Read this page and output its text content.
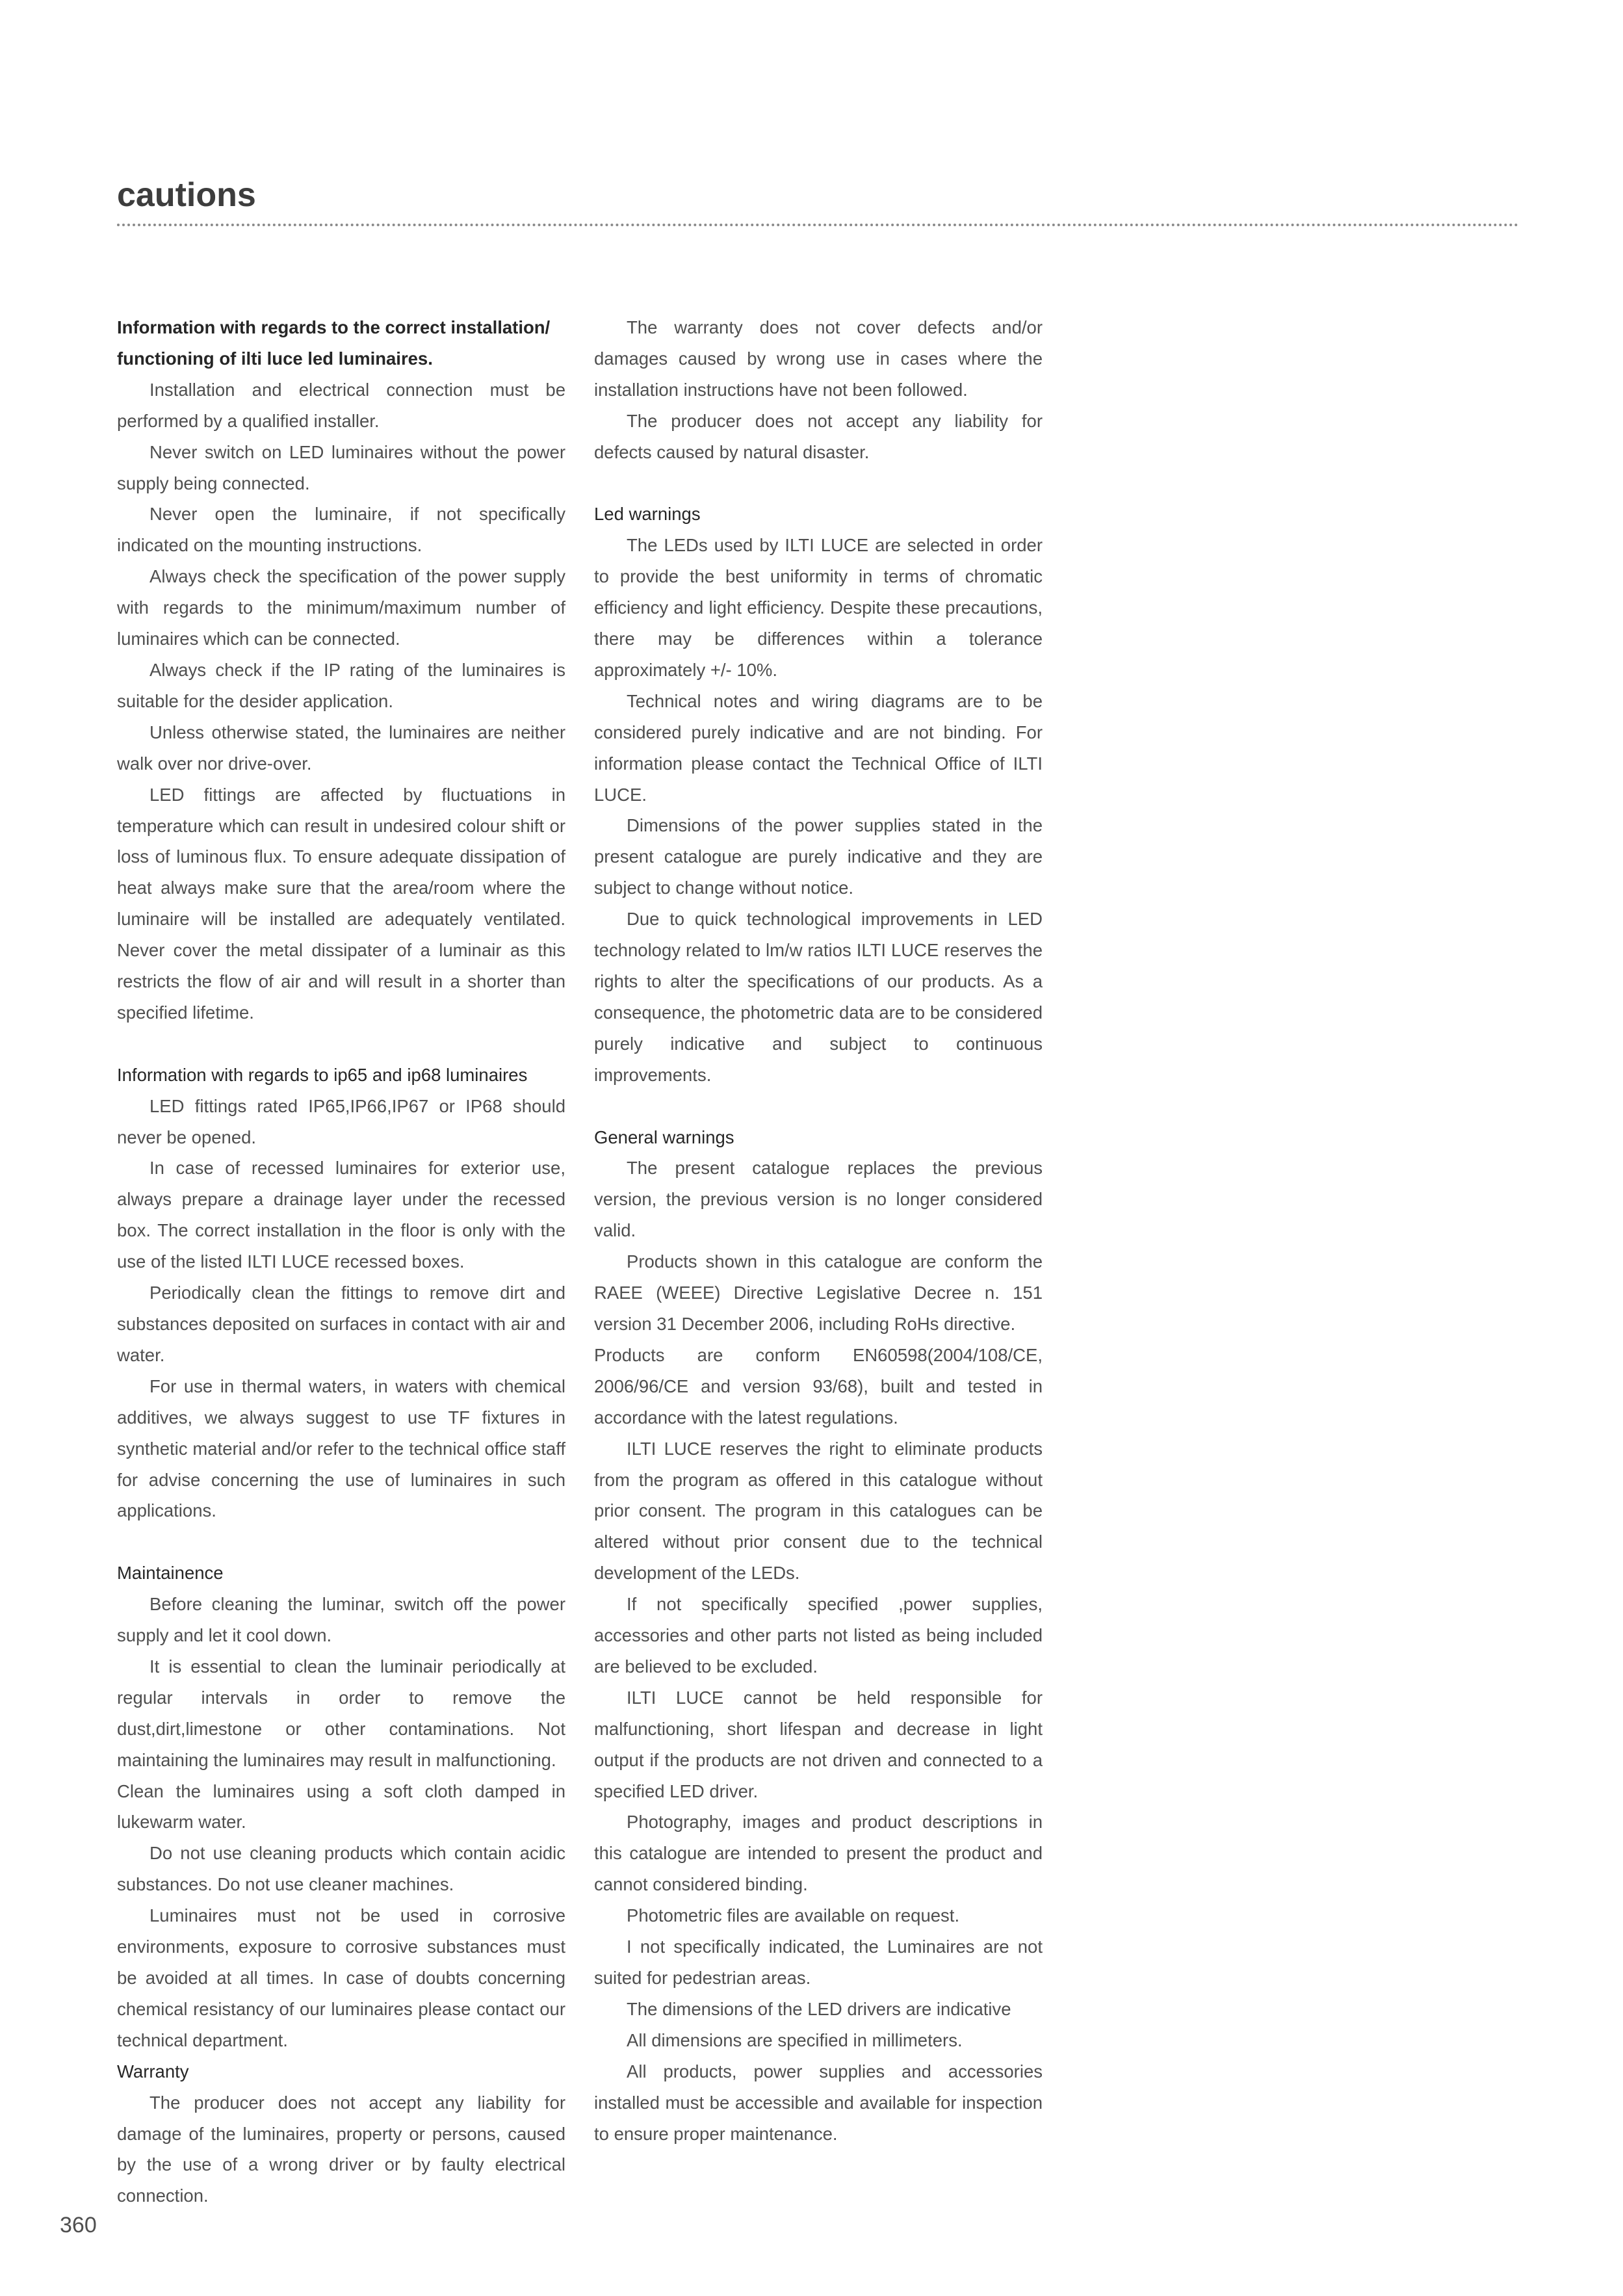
cautions
Information with regards to the correct installation/ functioning of ilti luce led luminaires.

Installation and electrical connection must be performed by a qualified installer.

Never switch on LED luminaires without the power supply being connected.

Never open the luminaire, if not specifically indicated on the mounting instructions.

Always check the specification of the power supply with regards to the minimum/maximum number of luminaires which can be connected.

Always check if the IP rating of the luminaires is suitable for the desider application.

Unless otherwise stated, the luminaires are neither walk over nor drive-over.

LED fittings are affected by fluctuations in temperature which can result in undesired colour shift or loss of luminous flux. To ensure adequate dissipation of heat always make sure that the area/room where the luminaire will be installed are adequately ventilated. Never cover the metal dissipater of a luminair as this restricts the flow of air and will result in a shorter than specified lifetime.

Information with regards to ip65 and ip68 luminaires

LED fittings rated IP65,IP66,IP67 or IP68 should never be opened.

In case of recessed luminaires for exterior use, always prepare a drainage layer under the recessed box. The correct installation in the floor is only with the use of the listed ILTI LUCE recessed boxes.

Periodically clean the fittings to remove dirt and substances deposited on surfaces in contact with air and water.

For use in thermal waters, in waters with chemical additives, we always suggest to use TF fixtures in synthetic material and/or refer to the technical office staff for advise concerning the use of luminaires in such applications.

Maintainence

Before cleaning the luminar, switch off the power supply and let it cool down.

It is essential to clean the luminair periodically at regular intervals in order to remove the dust,dirt,limestone or other contaminations. Not maintaining the luminaires may result in malfunctioning.

Clean the luminaires using a soft cloth damped in lukewarm water.

Do not use cleaning products which contain acidic substances. Do not use cleaner machines.

Luminaires must not be used in corrosive environments, exposure to corrosive substances must be avoided at all times. In case of doubts concerning chemical resistancy of our luminaires please contact our technical department.

Warranty

The producer does not accept any liability for damage of the luminaires, property or persons, caused by the use of a wrong driver or by faulty electrical connection.

The warranty does not cover defects and/or damages caused by wrong use in cases where the installation instructions have not been followed.

The producer does not accept any liability for defects caused by natural disaster.

Led warnings

The LEDs used by ILTI LUCE are selected in order to provide the best uniformity in terms of chromatic efficiency and light efficiency. Despite these precautions, there may be differences within a tolerance approximately +/- 10%.

Technical notes and wiring diagrams are to be considered purely indicative and are not binding. For information please contact the Technical Office of ILTI LUCE.

Dimensions of the power supplies stated in the present catalogue are purely indicative and they are subject to change without notice.

Due to quick technological improvements in LED technology related to lm/w ratios ILTI LUCE reserves the rights to alter the specifications of our products. As a consequence, the photometric data are to be considered purely indicative and subject to continuous improvements.

General warnings

The present catalogue replaces the previous version, the previous version is no longer considered valid.

Products shown in this catalogue are conform the RAEE (WEEE) Directive Legislative Decree n. 151 version 31 December 2006, including RoHs directive.

Products are conform EN60598(2004/108/CE, 2006/96/CE and version 93/68), built and tested in accordance with the latest regulations.

ILTI LUCE reserves the right to eliminate products from the program as offered in this catalogue without prior consent. The program in this catalogues can be altered without prior consent due to the technical development of the LEDs.

If not specifically specified ,power supplies, accessories and other parts not listed as being included are believed to be excluded.

ILTI LUCE cannot be held responsible for malfunctioning, short lifespan and decrease in light output if the products are not driven and connected to a specified LED driver.

Photography, images and product descriptions in this catalogue are intended to present the product and cannot considered binding.

Photometric files are available on request.

I not specifically indicated, the Luminaires are not suited for pedestrian areas.

The dimensions of the LED drivers are indicative

All dimensions are specified in millimeters.

All products, power supplies and accessories installed must be accessible and available for inspection to ensure proper maintenance.

360
